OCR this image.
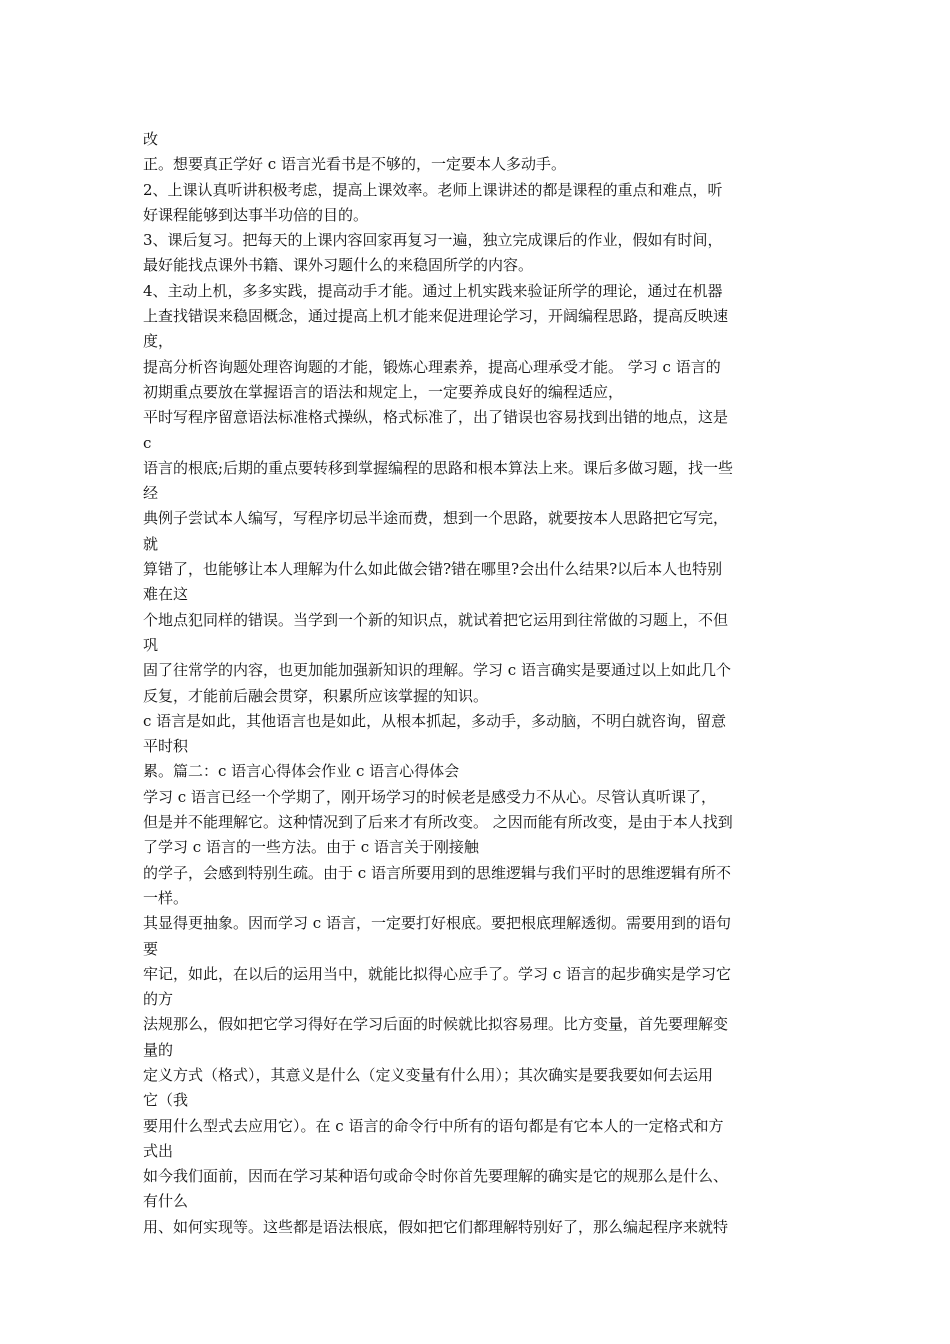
改
正。想要真正学好 c 语言光看书是不够的，一定要本人多动手。
2、上课认真听讲积极考虑，提高上课效率。老师上课讲述的都是课程的重点和难点，听
好课程能够到达事半功倍的目的。
3、课后复习。把每天的上课内容回家再复习一遍，独立完成课后的作业，假如有时间，
最好能找点课外书籍、课外习题什么的来稳固所学的内容。
4、主动上机，多多实践，提高动手才能。通过上机实践来验证所学的理论，通过在机器
上查找错误来稳固概念，通过提高上机才能来促进理论学习，开阔编程思路，提高反映速
度，
提高分析咨询题处理咨询题的才能，锻炼心理素养，提高心理承受才能。 学习 c 语言的
初期重点要放在掌握语言的语法和规定上，一定要养成良好的编程适应，
平时写程序留意语法标准格式操纵，格式标准了，出了错误也容易找到出错的地点，这是
c
语言的根底;后期的重点要转移到掌握编程的思路和根本算法上来。课后多做习题，找一些
经
典例子尝试本人编写，写程序切忌半途而费，想到一个思路，就要按本人思路把它写完，
就
算错了，也能够让本人理解为什么如此做会错?错在哪里?会出什么结果?以后本人也特别
难在这
个地点犯同样的错误。当学到一个新的知识点，就试着把它运用到往常做的习题上，不但
巩
固了往常学的内容，也更加能加强新知识的理解。学习 c 语言确实是要通过以上如此几个
反复，才能前后融会贯穿，积累所应该掌握的知识。
c 语言是如此，其他语言也是如此，从根本抓起，多动手，多动脑，不明白就咨询，留意
平时积
累。篇二：c 语言心得体会作业 c 语言心得体会
学习 c 语言已经一个学期了，刚开场学习的时候老是感受力不从心。尽管认真听课了，
但是并不能理解它。这种情况到了后来才有所改变。 之因而能有所改变，是由于本人找到
了学习 c 语言的一些方法。由于 c 语言关于刚接触
的学子，会感到特别生疏。由于 c 语言所要用到的思维逻辑与我们平时的思维逻辑有所不
一样。
其显得更抽象。因而学习 c 语言，一定要打好根底。要把根底理解透彻。需要用到的语句
要
牢记，如此，在以后的运用当中，就能比拟得心应手了。学习 c 语言的起步确实是学习它
的方
法规那么，假如把它学习得好在学习后面的时候就比拟容易理。比方变量，首先要理解变
量的
定义方式（格式），其意义是什么（定义变量有什么用）；其次确实是要我要如何去运用
它（我
要用什么型式去应用它）。在 c 语言的命令行中所有的语句都是有它本人的一定格式和方
式出
如今我们面前，因而在学习某种语句或命令时你首先要理解的确实是它的规那么是什么、
有什么
用、如何实现等。这些都是语法根底，假如把它们都理解特别好了，那么编起程序来就特
